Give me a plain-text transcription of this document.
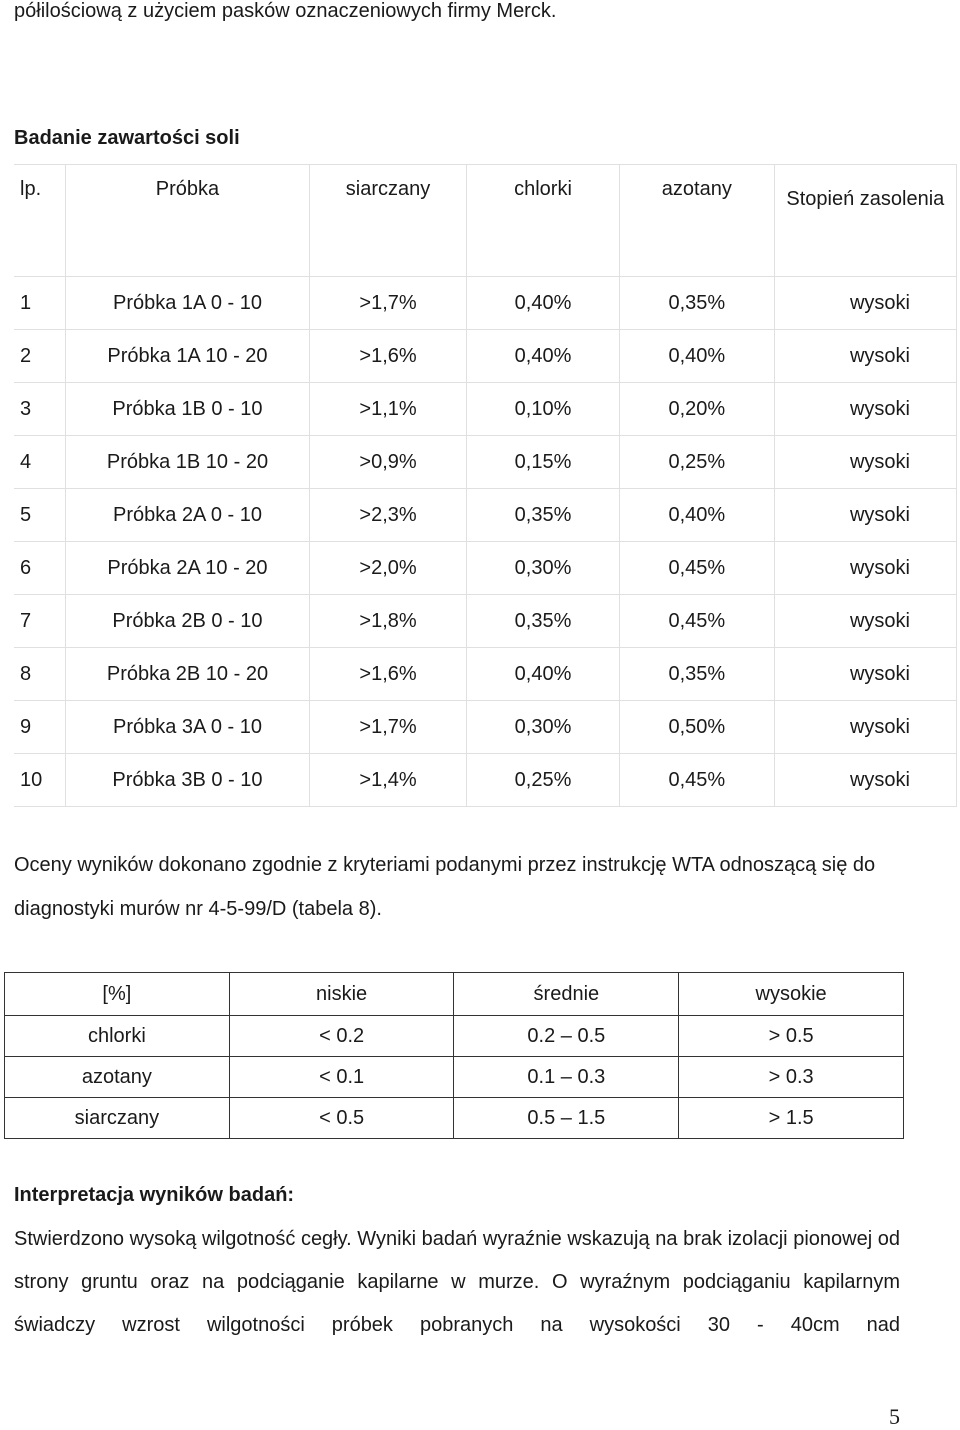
półilościową z użyciem pasków oznaczeniowych firmy Merck.
Badanie zawartości soli
lp.	Próbka	siarczany	chlorki	azotany	Stopień zasolenia
1	Próbka 1A 0 - 10	>1,7%	0,40%	0,35%	wysoki
2	Próbka 1A 10 - 20	>1,6%	0,40%	0,40%	wysoki
3	Próbka 1B 0 - 10	>1,1%	0,10%	0,20%	wysoki
4	Próbka 1B 10 - 20	>0,9%	0,15%	0,25%	wysoki
5	Próbka 2A 0 - 10	>2,3%	0,35%	0,40%	wysoki
6	Próbka 2A 10 - 20	>2,0%	0,30%	0,45%	wysoki
7	Próbka 2B 0 - 10	>1,8%	0,35%	0,45%	wysoki
8	Próbka 2B 10 - 20	>1,6%	0,40%	0,35%	wysoki
9	Próbka 3A 0 - 10	>1,7%	0,30%	0,50%	wysoki
10	Próbka 3B 0 - 10	>1,4%	0,25%	0,45%	wysoki
Oceny wyników dokonano zgodnie z kryteriami podanymi przez instrukcję WTA odnoszącą się do diagnostyki murów nr 4-5-99/D (tabela 8).
[%]	niskie	średnie	wysokie
chlorki	< 0.2	0.2 – 0.5	> 0.5
azotany	< 0.1	0.1 – 0.3	> 0.3
siarczany	< 0.5	0.5 – 1.5	> 1.5
Interpretacja wyników badań:
Stwierdzono wysoką wilgotność cegły. Wyniki badań wyraźnie wskazują na brak izolacji pionowej od strony gruntu oraz na podciąganie kapilarne w murze. O wyraźnym podciąganiu kapilarnym świadczy wzrost wilgotności próbek pobranych na wysokości 30 - 40cm nad
5
